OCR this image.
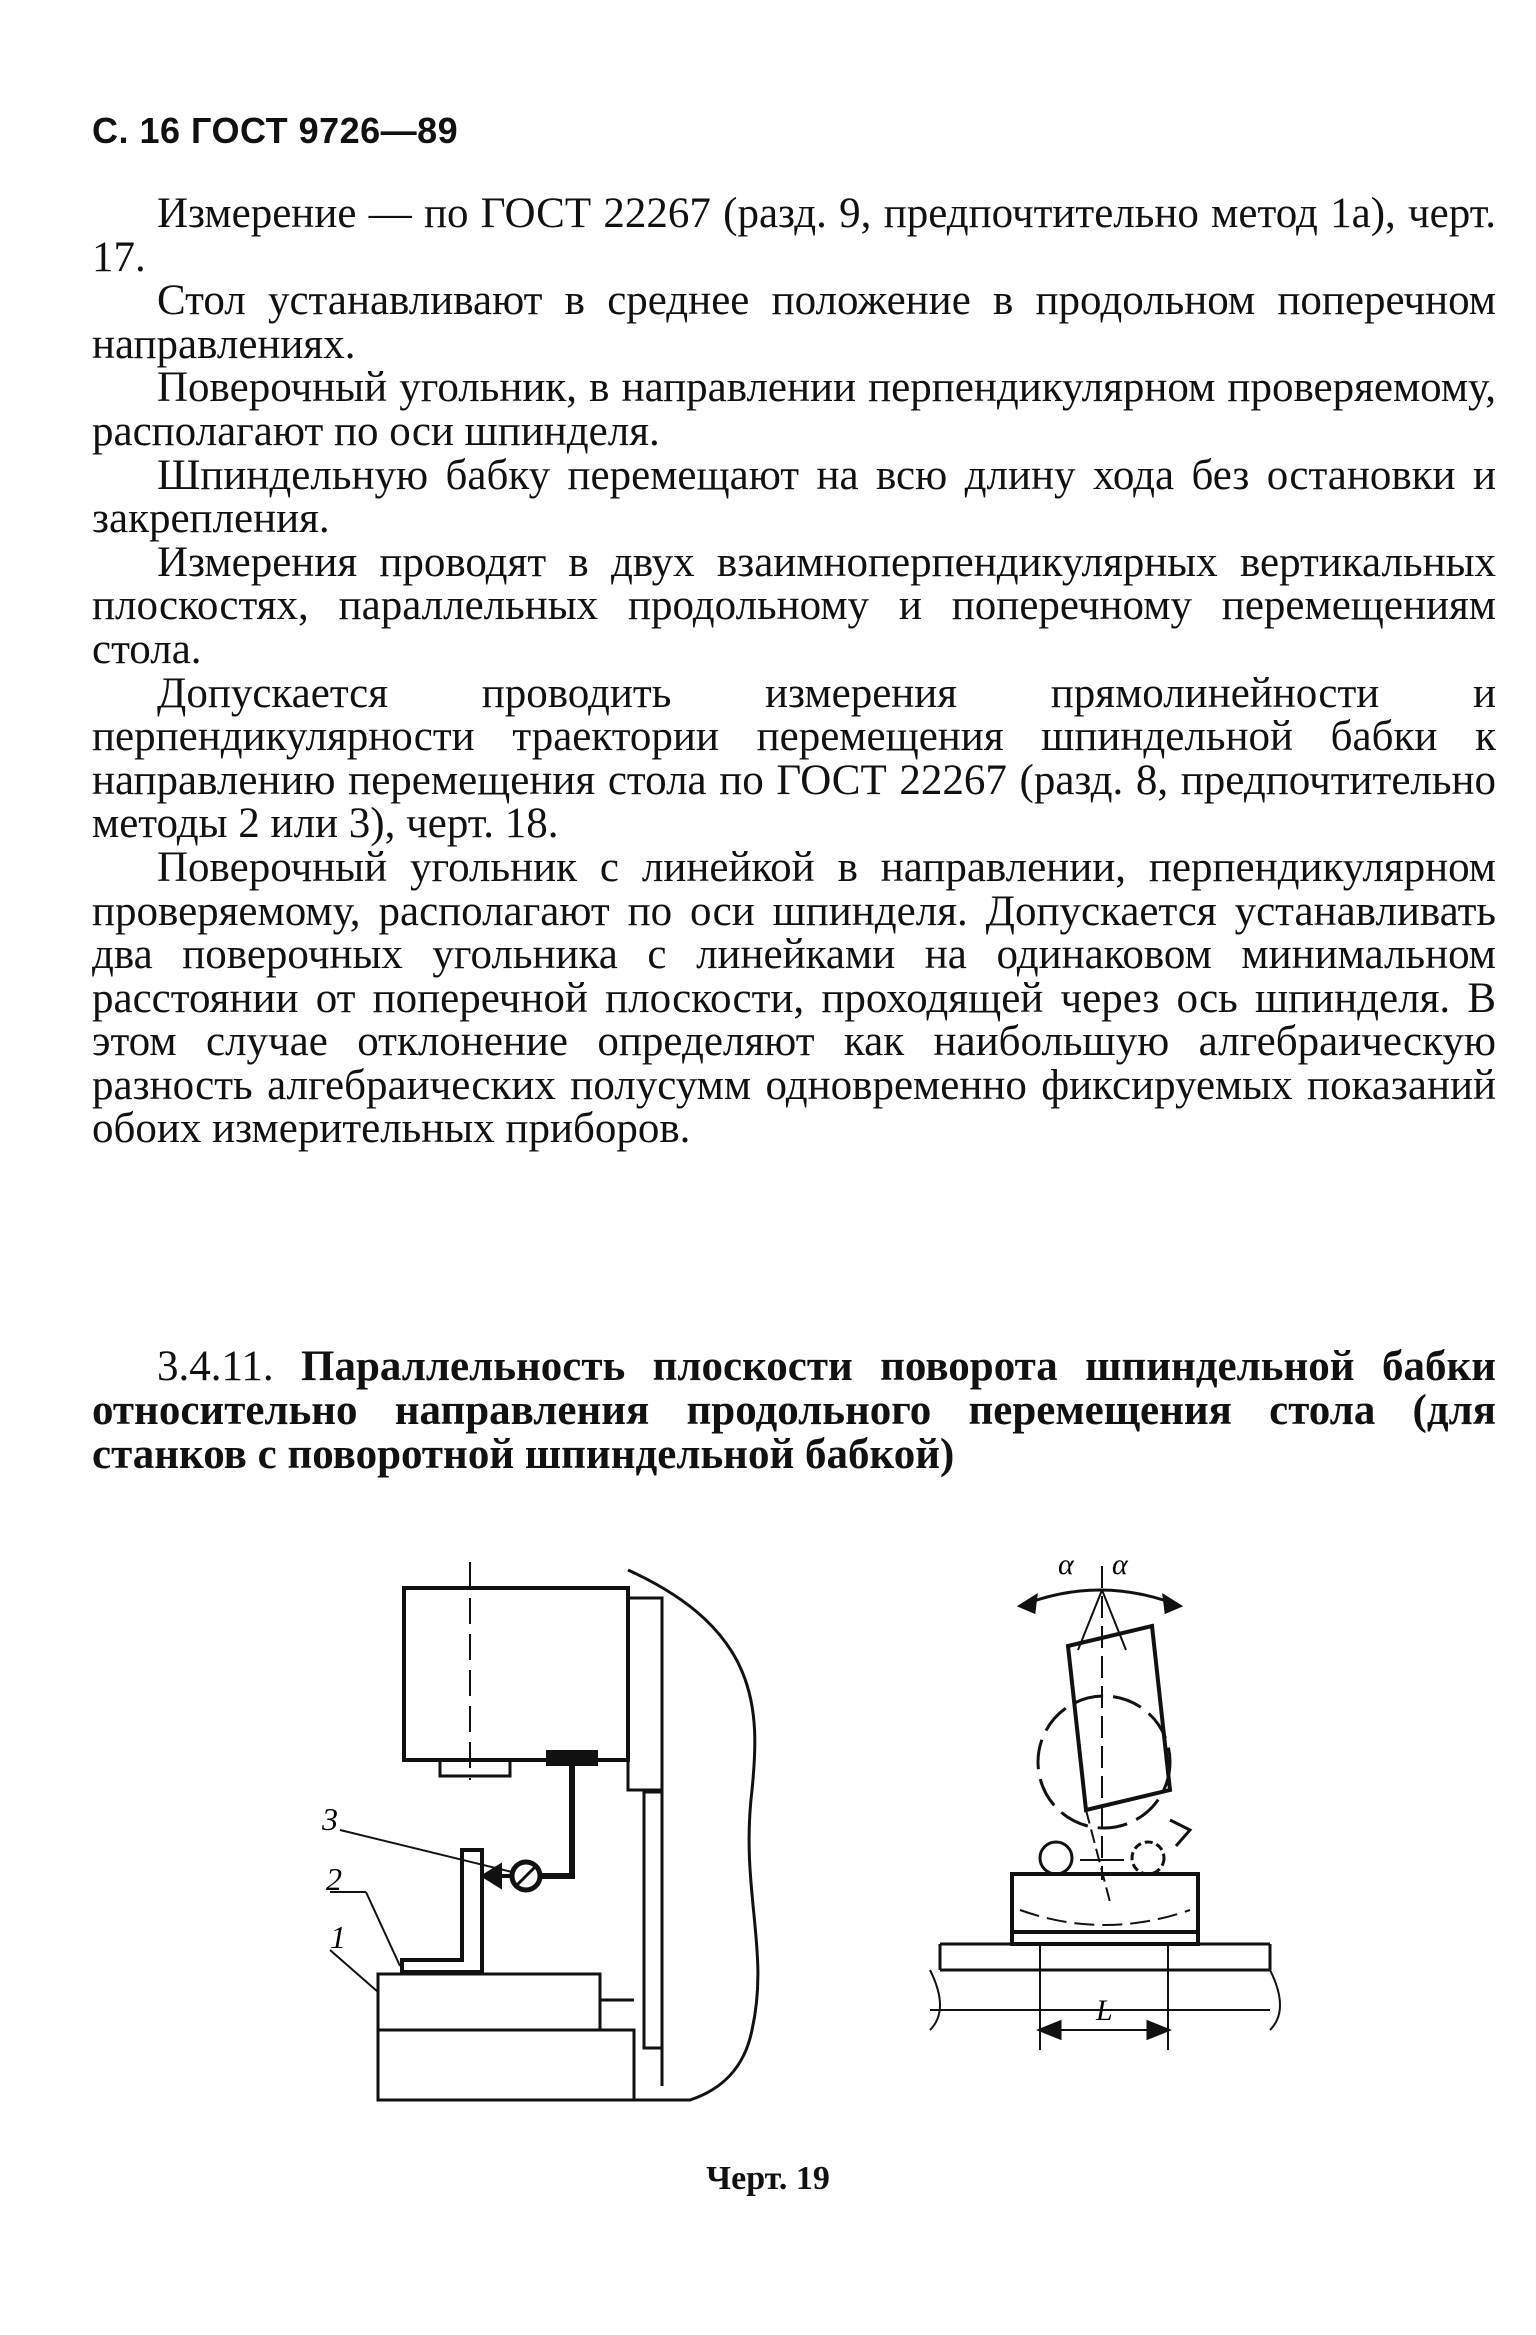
С. 16 ГОСТ 9726—89

Измерение — по ГОСТ 22267 (разд. 9, предпочтительно метод 1а), черт. 17.

Стол устанавливают в среднее положение в продольном поперечном направлениях.

Поверочный угольник, в направлении перпендикулярном проверяемому, располагают по оси шпинделя.

Шпиндельную бабку перемещают на всю длину хода без остановки и закрепления.

Измерения проводят в двух взаимноперпендикулярных вертикальных плоскостях, параллельных продольному и поперечному перемещениям стола.

Допускается проводить измерения прямолинейности и перпендикулярности траектории перемещения шпиндельной бабки к направлению перемещения стола по ГОСТ 22267 (разд. 8, предпочтительно методы 2 или 3), черт. 18.

Поверочный угольник с линейкой в направлении, перпендикулярном проверяемому, располагают по оси шпинделя. Допускается устанавливать два поверочных угольника с линейками на одинаковом минимальном расстоянии от поперечной плоскости, проходящей через ось шпинделя. В этом случае отклонение определяют как наибольшую алгебраическую разность алгебраических полусумм одновременно фиксируемых показаний обоих измерительных приборов.

3.4.11. Параллельность плоскости поворота шпиндельной бабки относительно направления продольного перемещения стола (для станков с поворотной шпиндельной бабкой)

3
2
1
α α
L
Черт. 19
